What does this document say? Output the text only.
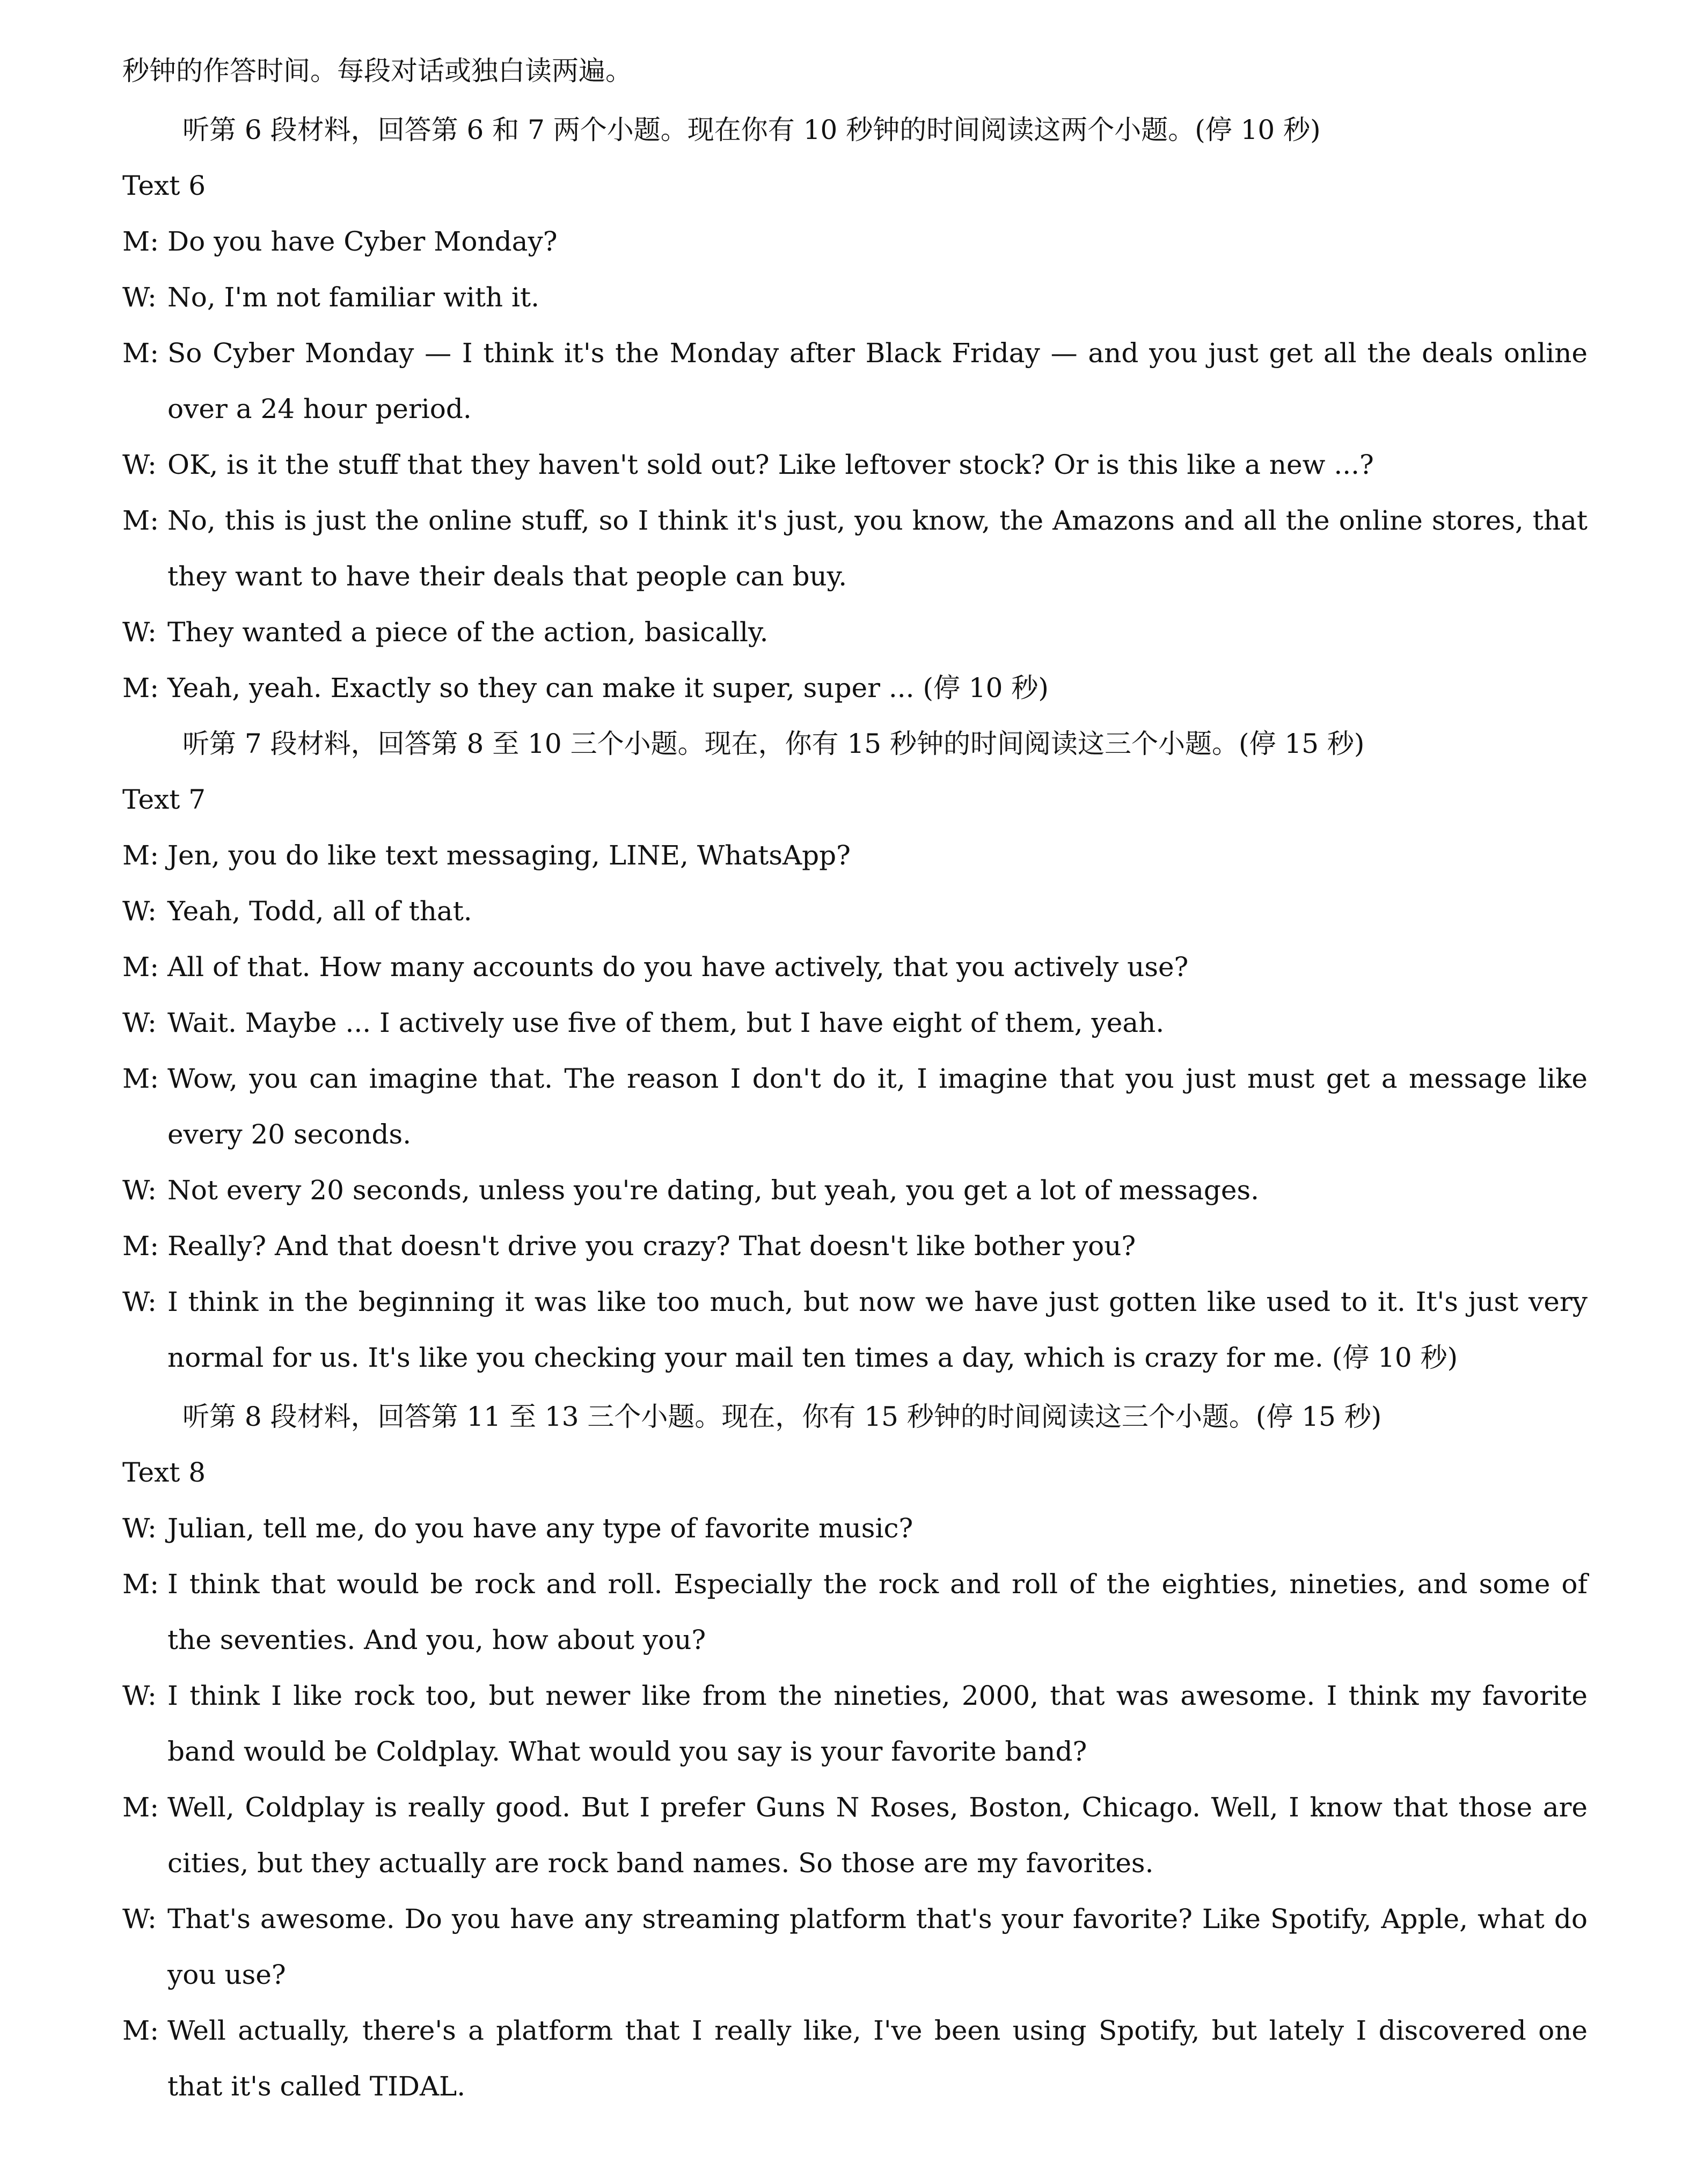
秒钟的作答时间。每段对话或独白读两遍。

听第 6 段材料，回答第 6 和 7 两个小题。现在你有 10 秒钟的时间阅读这两个小题。(停 10 秒)

Text 6

M: Do you have Cyber Monday?

W: No, I'm not familiar with it.

M: So Cyber Monday — I think it's the Monday after Black Friday — and you just get all the deals online over a 24 hour period.

W: OK, is it the stuff that they haven't sold out? Like leftover stock? Or is this like a new ...?

M: No, this is just the online stuff, so I think it's just, you know, the Amazons and all the online stores, that they want to have their deals that people can buy.

W: They wanted a piece of the action, basically.

M: Yeah, yeah. Exactly so they can make it super, super ... (停 10 秒)

听第 7 段材料，回答第 8 至 10 三个小题。现在，你有 15 秒钟的时间阅读这三个小题。(停 15 秒)

Text 7

M: Jen, you do like text messaging, LINE, WhatsApp?

W: Yeah, Todd, all of that.

M: All of that. How many accounts do you have actively, that you actively use?

W: Wait. Maybe ... I actively use five of them, but I have eight of them, yeah.

M: Wow, you can imagine that. The reason I don't do it, I imagine that you just must get a message like every 20 seconds.

W: Not every 20 seconds, unless you're dating, but yeah, you get a lot of messages.

M: Really? And that doesn't drive you crazy? That doesn't like bother you?

W: I think in the beginning it was like too much, but now we have just gotten like used to it. It's just very normal for us. It's like you checking your mail ten times a day, which is crazy for me. (停 10 秒)

听第 8 段材料，回答第 11 至 13 三个小题。现在，你有 15 秒钟的时间阅读这三个小题。(停 15 秒)

Text 8

W: Julian, tell me, do you have any type of favorite music?

M: I think that would be rock and roll. Especially the rock and roll of the eighties, nineties, and some of the seventies. And you, how about you?

W: I think I like rock too, but newer like from the nineties, 2000, that was awesome. I think my favorite band would be Coldplay. What would you say is your favorite band?

M: Well, Coldplay is really good. But I prefer Guns N Roses, Boston, Chicago. Well, I know that those are cities, but they actually are rock band names. So those are my favorites.

W: That's awesome. Do you have any streaming platform that's your favorite? Like Spotify, Apple, what do you use?

M: Well actually, there's a platform that I really like, I've been using Spotify, but lately I discovered one that it's called TIDAL.
